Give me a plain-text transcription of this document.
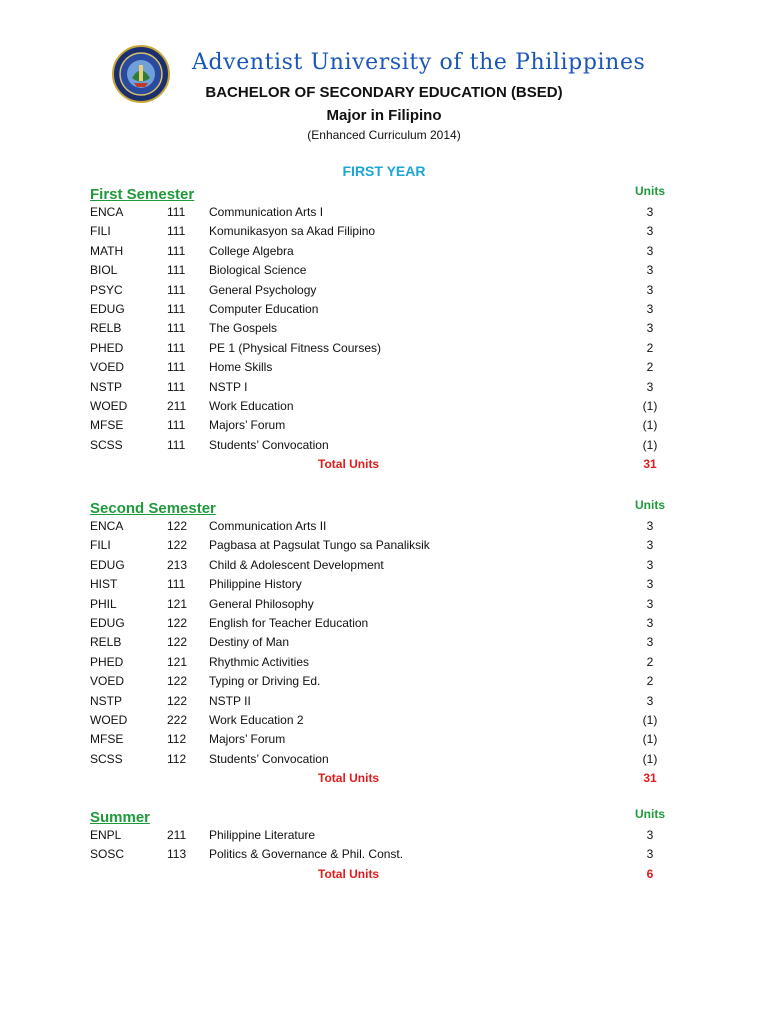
Adventist University of the Philippines
BACHELOR OF SECONDARY EDUCATION (BSED)
Major in Filipino
(Enhanced Curriculum 2014)
FIRST YEAR
First Semester	Units
ENCA	111 Communication Arts I	3
FILI	111 Komunikasyon sa Akad Filipino	3
MATH	111 College Algebra	3
BIOL	111 Biological Science	3
PSYC	111 General Psychology	3
EDUG	111 Computer Education	3
RELB	111 The Gospels	3
PHED	111 PE 1 (Physical Fitness Courses)	2
VOED	111 Home Skills	2
NSTP	111 NSTP I	3
WOED	211 Work Education	(1)
MFSE	111 Majors’ Forum	(1)
SCSS	111 Students’ Convocation	(1)
Total Units	31
Second Semester	Units
ENCA	122 Communication Arts II	3
FILI	122 Pagbasa at Pagsulat Tungo sa Panaliksik	3
EDUG	213 Child & Adolescent Development	3
HIST	111 Philippine History	3
PHIL	121 General Philosophy	3
EDUG	122 English for Teacher Education	3
RELB	122 Destiny of Man	3
PHED	121 Rhythmic Activities	2
VOED	122 Typing or Driving Ed.	2
NSTP	122 NSTP II	3
WOED	222 Work Education 2	(1)
MFSE	112 Majors’ Forum	(1)
SCSS	112 Students’ Convocation	(1)
Total Units	31
Summer	Units
ENPL	211 Philippine Literature	3
SOSC	113 Politics & Governance & Phil. Const.	3
Total Units	6
